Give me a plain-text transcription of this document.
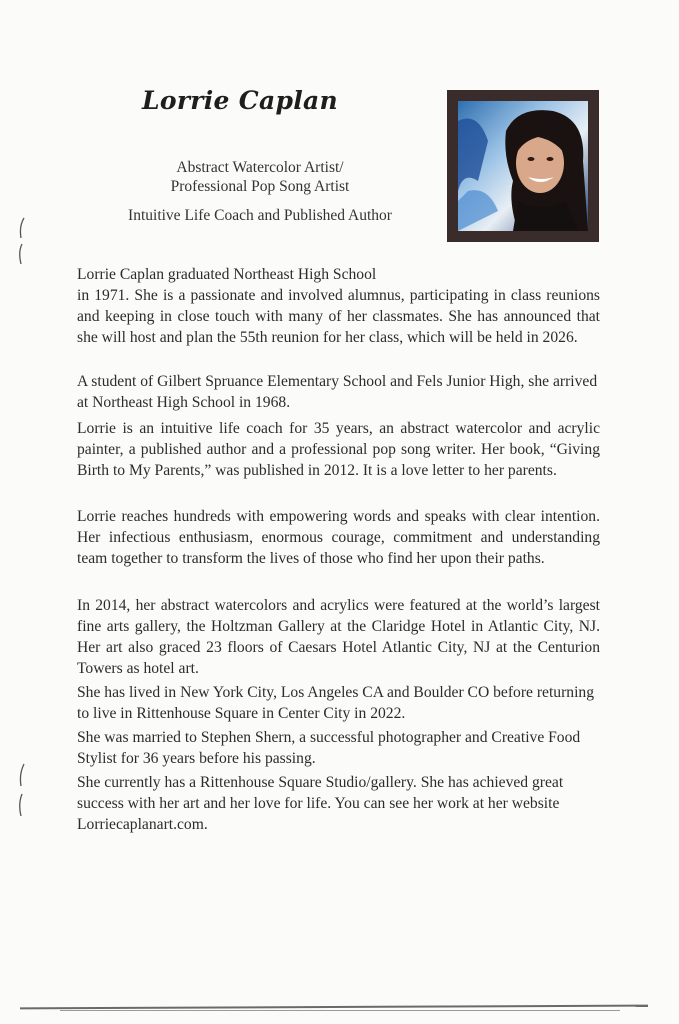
Lorrie Caplan
Abstract Watercolor Artist/
Professional Pop Song Artist
Intuitive Life Coach and Published Author

Lorrie Caplan graduated Northeast High School

in 1971. She is a passionate and involved alumnus, participating in class reunions and keeping in close touch with many of her classmates. She has announced that she will host and plan the 55th reunion for her class, which will be held in 2026.

A student of Gilbert Spruance Elementary School and Fels Junior High, she arrived at Northeast High School in 1968.

Lorrie is an intuitive life coach for 35 years, an abstract watercolor and acrylic painter, a published author and a professional pop song writer. Her book, “Giving Birth to My Parents,” was published in 2012. It is a love letter to her parents.

Lorrie reaches hundreds with empowering words and speaks with clear intention. Her infectious enthusiasm, enormous courage, commitment and understanding team together to transform the lives of those who find her upon their paths.

In 2014, her abstract watercolors and acrylics were featured at the world’s largest fine arts gallery, the Holtzman Gallery at the Claridge Hotel in Atlantic City, NJ. Her art also graced 23 floors of Caesars Hotel Atlantic City, NJ at the Centurion Towers as hotel art.

She has lived in New York City, Los Angeles CA and Boulder CO before returning to live in Rittenhouse Square in Center City in 2022.

She was married to Stephen Shern, a successful photographer and Creative Food Stylist for 36 years before his passing.

She currently has a Rittenhouse Square Studio/gallery. She has achieved great success with her art and her love for life. You can see her work at her website Lorriecaplanart.com.
